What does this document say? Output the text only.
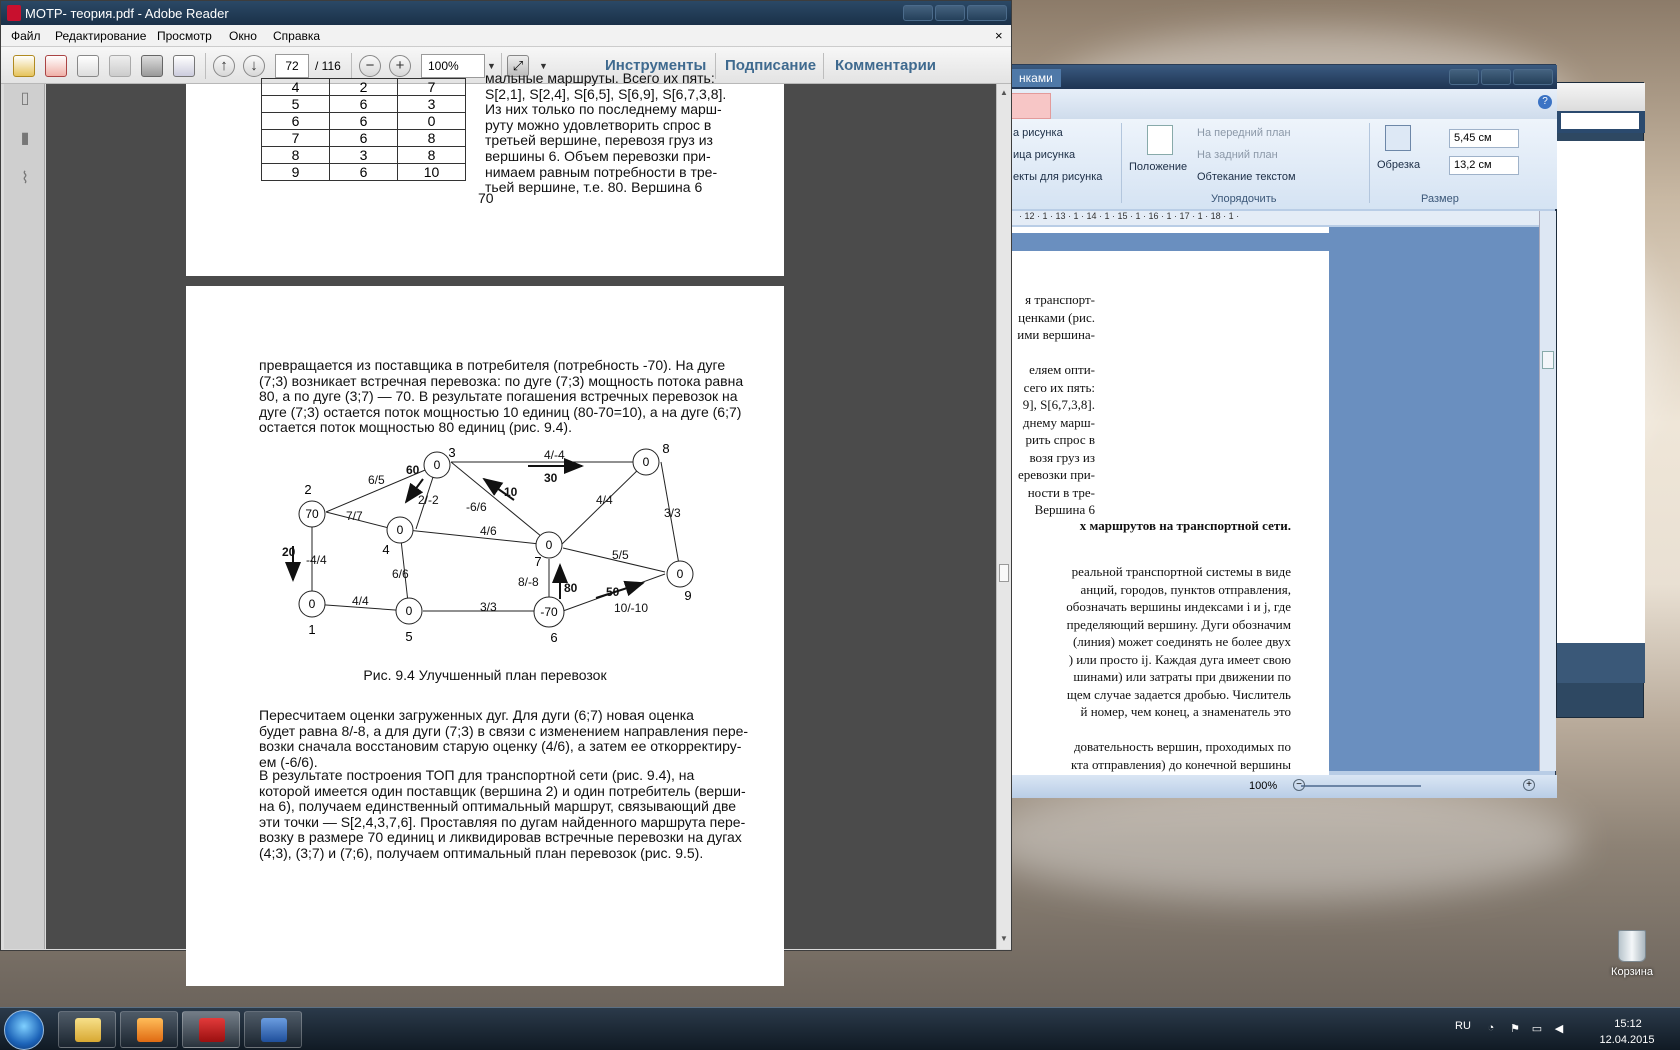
нками
?
а рисунка
ица рисунка
екты для рисунка
Положение
На передний план
На задний план
Обтекание текстом
Упорядочить
Обрезка
5,45 см
13,2 см
Размер
· 12 · 1 · 13 · 1 · 14 · 1 · 15 · 1 · 16 · 1 · 17 · 1 · 18 · 1 ·
я транспорт-
ценками (рис.
ими вершина-
еляем опти-
сего их пять:
9], S[6,7,3,8].
днему марш-
рить спрос в
возя груз из
еревозки при-
ности в тре-
Вершина 6
х маршрутов на транспортной сети.
реальной транспортной системы в виде
анций, городов, пунктов отправления,
обозначать вершины индексами i и j, где
пределяющий вершину. Дуги обозначим
(линия) может соединять не более двух
) или просто ij. Каждая дуга имеет свою
шинами) или затраты при движении по
щем случае задается дробью. Числитель
й номер, чем конец, а знаменатель это
довательность вершин, проходимых по
кта отправления) до конечной вершины
100%	−	+
МОТР- теория.pdf - Adobe Reader
Файл Редактирование Просмотр Окно Справка	×
↑	↓	72	/ 116	−	+	100%	▼	⤢	▼	Инструменты Подписание Комментарии
▯
▮
⌇
4	2	7
5	6	3
6	6	0
7	6	8
8	3	8
9	6	10
мальные маршруты. Всего их пять:
S[2,1], S[2,4], S[6,5], S[6,9], S[6,7,3,8].
Из них только по последнему марш-
руту можно удовлетворить спрос в
третьей вершине, перевозя груз из
вершины 6. Объем перевозки при-
нимаем равным потребности в тре-
тьей вершине, т.е. 80. Вершина 6
70
превращается из поставщика в потребителя (потребность -70). На дуге
(7;3) возникает встречная перевозка: по дуге (7;3) мощность потока равна
80, а по дуге (3;7) — 70. В результате погашения встречных перевозок на
дуге (7;3) остается поток мощностью 10 единиц (80-70=10), а на дуге (6;7)
остается поток мощностью 80 единиц (рис. 9.4).
0
1
70
2
0
3
0
4
0
5
-70
6
0
7
0
8
0
9
6/5
7/7
-4/4
4/4
2/-2
6/6
4/6
-6/6
4/-4
4/4
3/3
3/3
5/5
8/-8
10/-10
20
60
10
30
80 50
Рис. 9.4 Улучшенный план перевозок
Пересчитаем оценки загруженных дуг. Для дуги (6;7) новая оценка
будет равна 8/-8, а для дуги (7;3) в связи с изменением направления пере-
возки сначала восстановим старую оценку (4/6), а затем ее откорректиру-
ем (-6/6).
В результате построения ТОП для транспортной сети (рис. 9.4), на
которой имеется один поставщик (вершина 2) и один потребитель (верши-
на 6), получаем единственный оптимальный маршрут, связывающий две
эти точки — S[2,4,3,7,6]. Проставляя по дугам найденного маршрута пере-
возку в размере 70 единиц и ликвидировав встречные перевозки на дугах
(4;3), (3;7) и (7;6), получаем оптимальный план перевозок (рис. 9.5).
▲
▼
Корзина
RU	◔	⚑ ▭ ◀	15:12
12.04.2015
